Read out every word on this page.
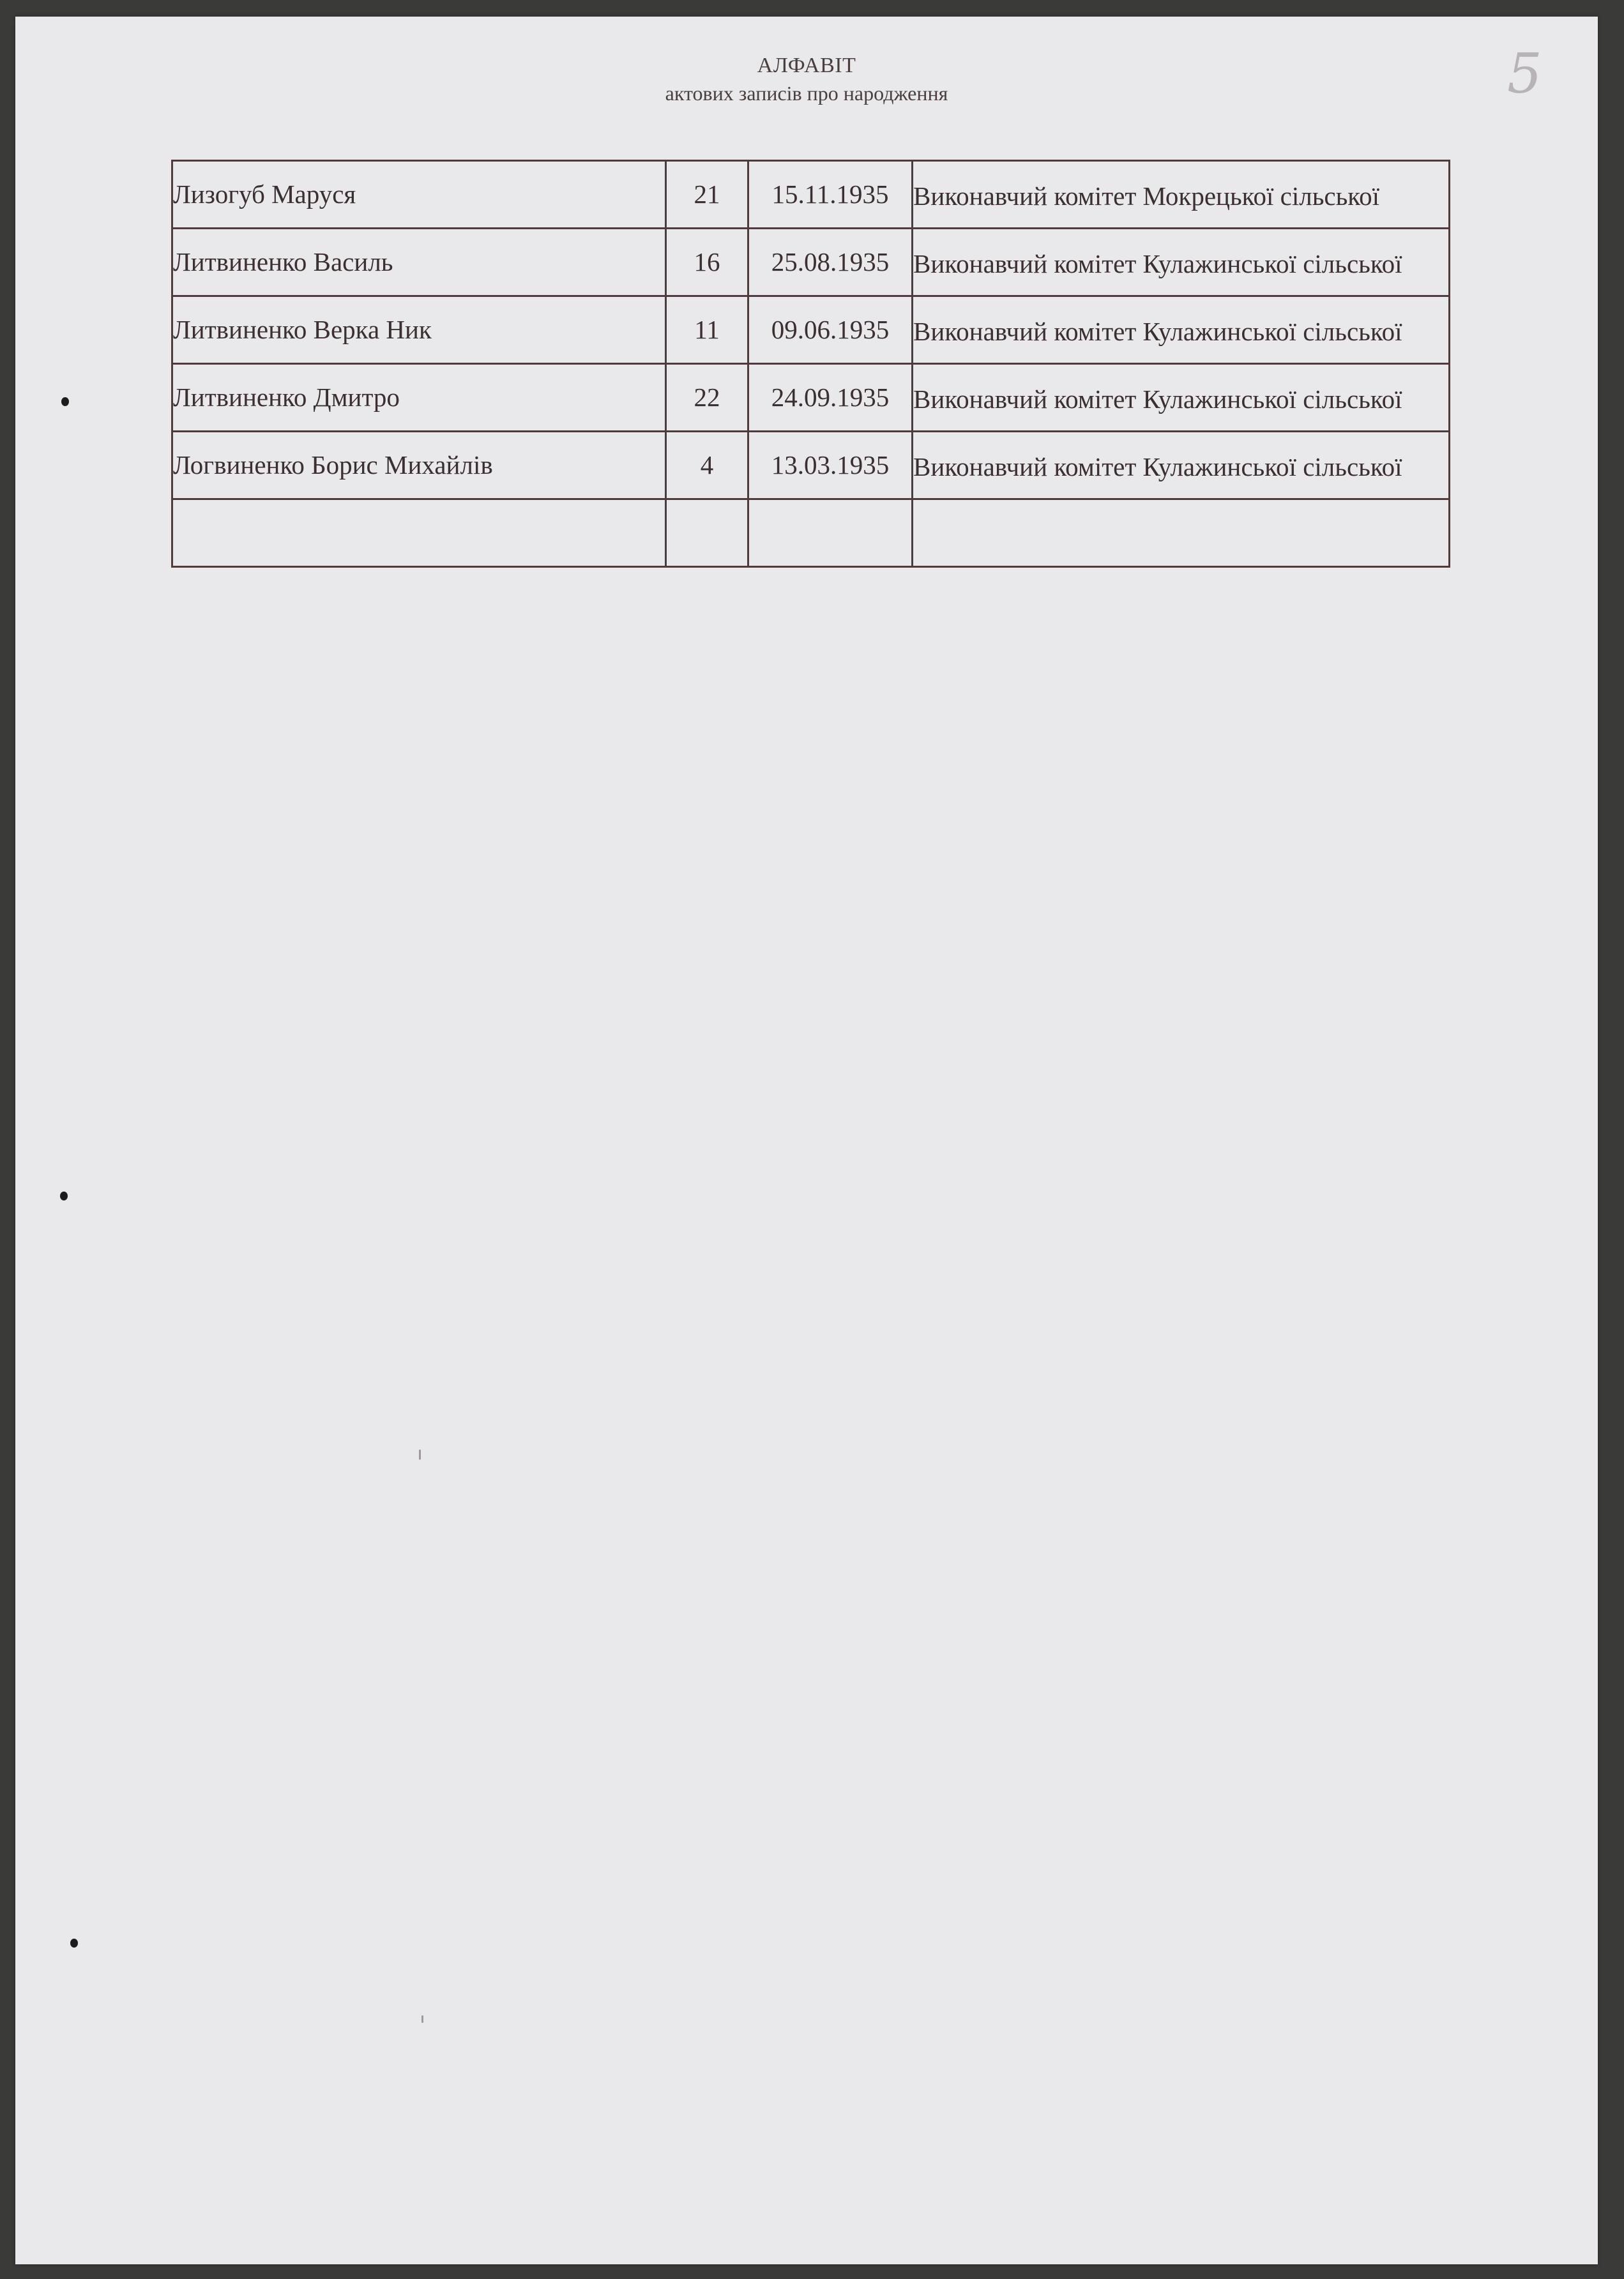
5
АЛФАВІТ
актових записів про народження
Лизогуб Маруся	21	15.11.1935	Виконавчий комітет Мокрецької сільської

Литвиненко Василь	16	25.08.1935	Виконавчий комітет Кулажинської сільської

Литвиненко Верка Ник	11	09.06.1935	Виконавчий комітет Кулажинської сільської

Литвиненко Дмитро	22	24.09.1935	Виконавчий комітет Кулажинської сільської

Логвиненко Борис Михайлів	4	13.03.1935	Виконавчий комітет Кулажинської сільської
